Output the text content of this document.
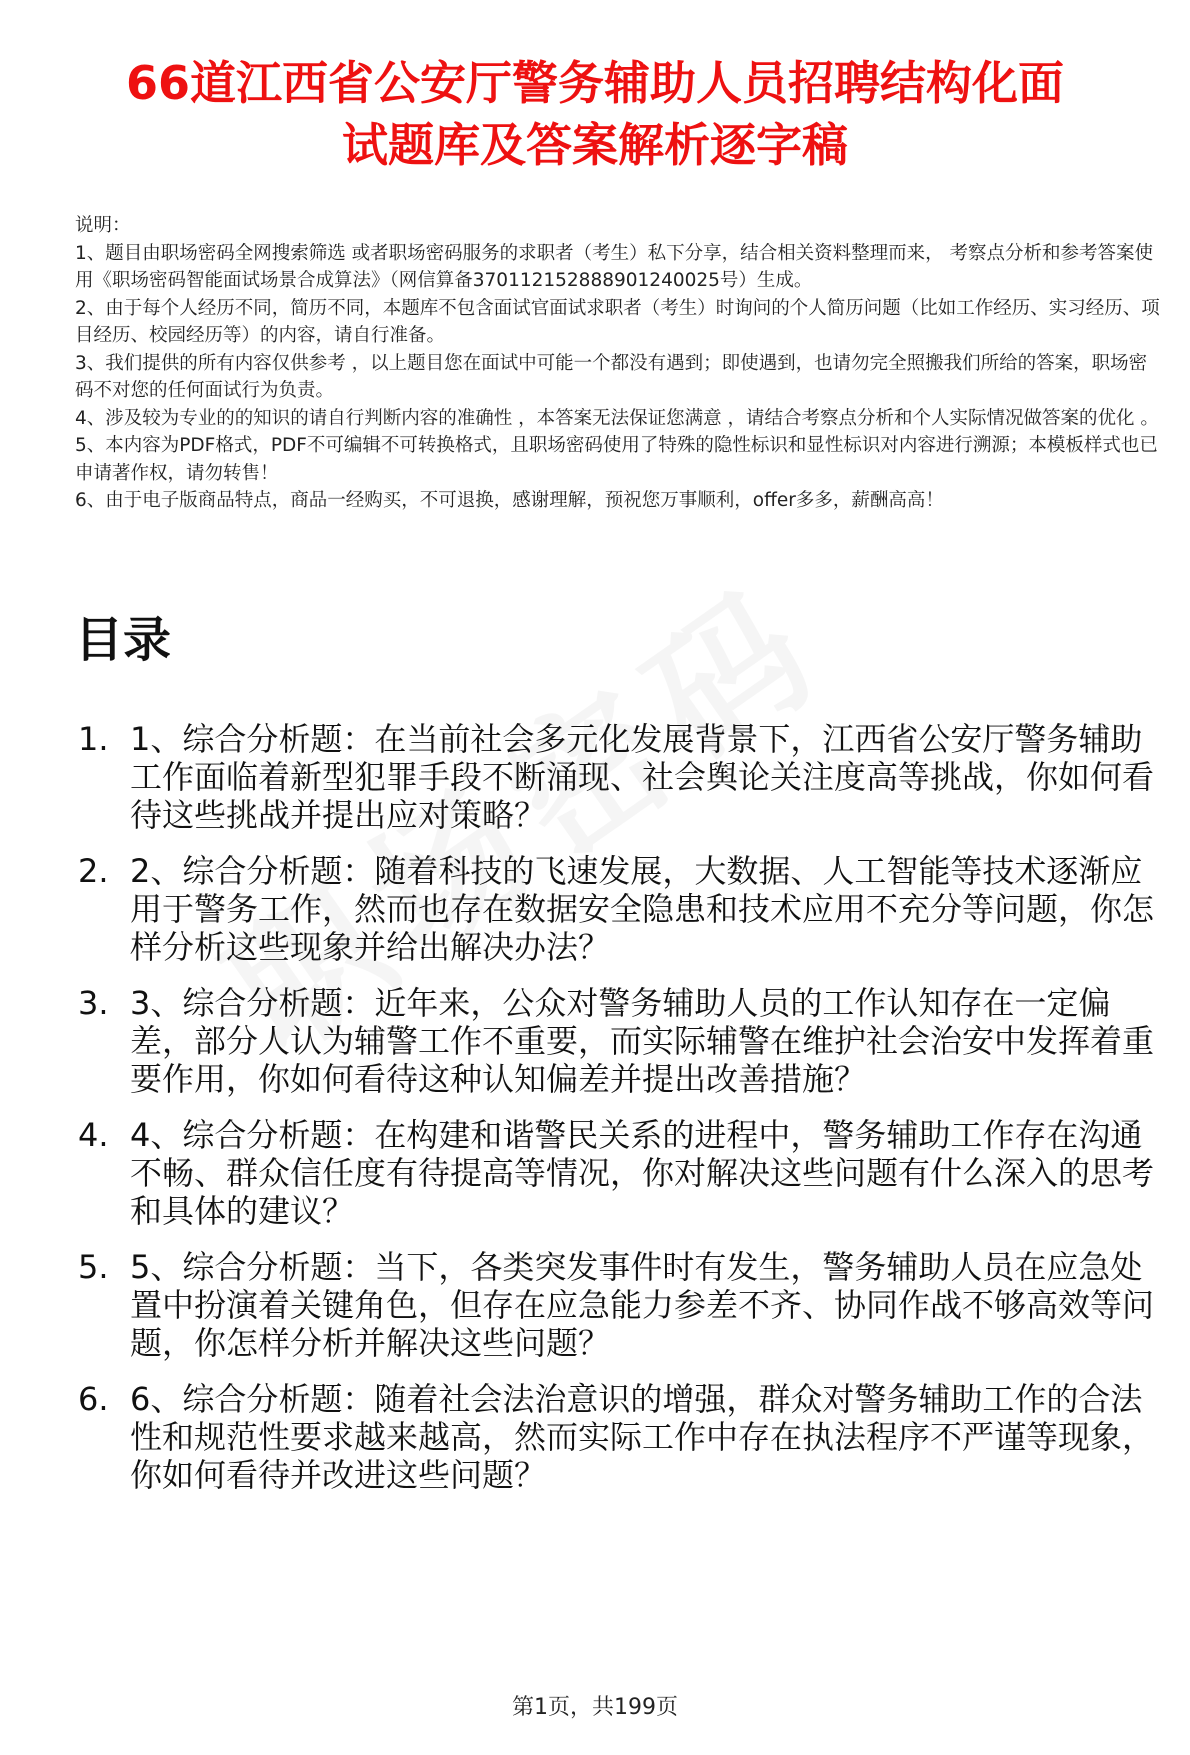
66道江西省公安厅警务辅助人员招聘结构化面
试题库及答案解析逐字稿

说明：

1、题目由职场密码全网搜索筛选 或者职场密码服务的求职者（考生）私下分享，结合相关资料整理而来， 考察点分析和参考答案使用《职场密码智能面试场景合成算法》（网信算备370112152888901240025号）生成。

2、由于每个人经历不同，简历不同，本题库不包含面试官面试求职者（考生）时询问的个人简历问题（比如工作经历、实习经历、项目经历、校园经历等）的内容，请自行准备。

3、我们提供的所有内容仅供参考 ，以上题目您在面试中可能一个都没有遇到；即使遇到，也请勿完全照搬我们所给的答案，职场密码不对您的任何面试行为负责。

4、涉及较为专业的的知识的请自行判断内容的准确性 ，本答案无法保证您满意 ，请结合考察点分析和个人实际情况做答案的优化 。

5、本内容为PDF格式，PDF不可编辑不可转换格式，且职场密码使用了特殊的隐性标识和显性标识对内容进行溯源；本模板样式也已申请著作权，请勿转售！

6、由于电子版商品特点，商品一经购买，不可退换，感谢理解，预祝您万事顺利，offer多多，薪酬高高！

目录
1. 1、综合分析题：在当前社会多元化发展背景下，江西省公安厅警务辅助工作面临着新型犯罪手段不断涌现、社会舆论关注度高等挑战，你如何看待这些挑战并提出应对策略？
2. 2、综合分析题：随着科技的飞速发展，大数据、人工智能等技术逐渐应用于警务工作，然而也存在数据安全隐患和技术应用不充分等问题，你怎样分析这些现象并给出解决办法？
3. 3、综合分析题：近年来，公众对警务辅助人员的工作认知存在一定偏差，部分人认为辅警工作不重要，而实际辅警在维护社会治安中发挥着重要作用，你如何看待这种认知偏差并提出改善措施？
4. 4、综合分析题：在构建和谐警民关系的进程中，警务辅助工作存在沟通不畅、群众信任度有待提高等情况，你对解决这些问题有什么深入的思考和具体的建议？
5. 5、综合分析题：当下，各类突发事件时有发生，警务辅助人员在应急处置中扮演着关键角色，但存在应急能力参差不齐、协同作战不够高效等问题，你怎样分析并解决这些问题？
6. 6、综合分析题：随着社会法治意识的增强，群众对警务辅助工作的合法性和规范性要求越来越高，然而实际工作中存在执法程序不严谨等现象，你如何看待并改进这些问题？
第1页，共199页
